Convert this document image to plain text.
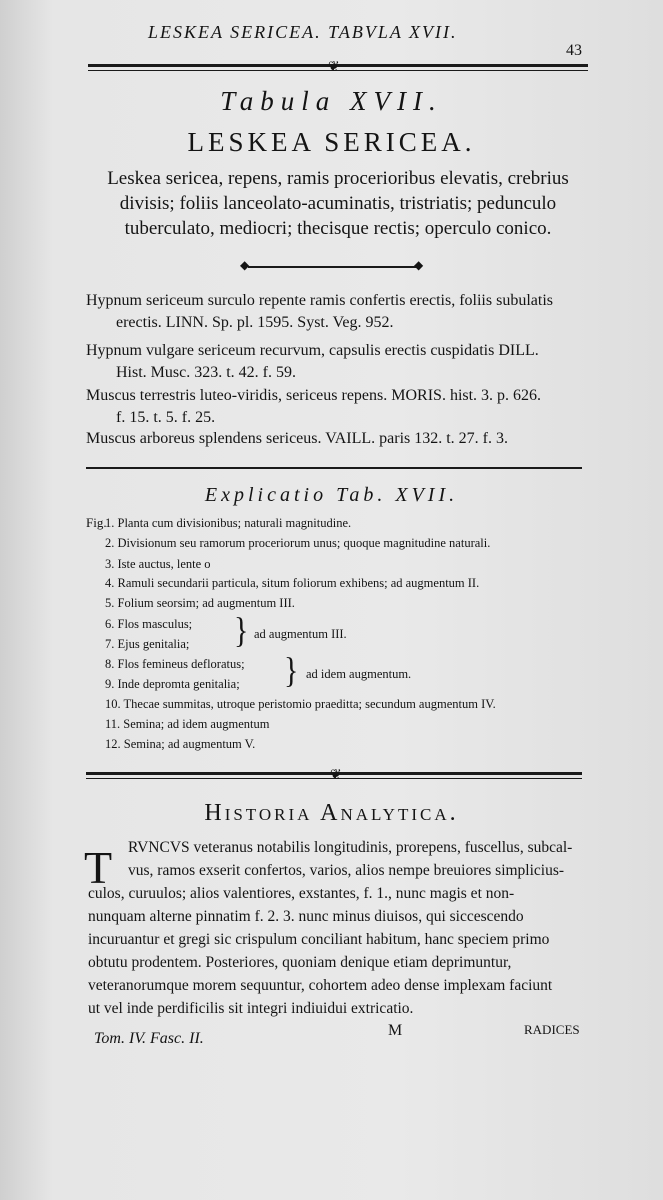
LESKEA SERICEA. TABVLA XVII.
43
❦
Tabula XVII.
LESKEA SERICEA.
Leskea sericea, repens, ramis procerioribus elevatis, crebrius
divisis; foliis lanceolato-acuminatis, tristriatis; pedunculo
tuberculato, mediocri; thecisque rectis; operculo conico.
◆	◆
Hypnum sericeum surculo repente ramis confertis erectis, foliis subulatis
erectis. LINN. Sp. pl. 1595. Syst. Veg. 952.
Hypnum vulgare sericeum recurvum, capsulis erectis cuspidatis DILL.
Hist. Musc. 323. t. 42. f. 59.
Muscus terrestris luteo-viridis, sericeus repens. MORIS. hist. 3. p. 626.
f. 15. t. 5. f. 25.
Muscus arboreus splendens sericeus. VAILL. paris 132. t. 27. f. 3.
Explicatio Tab. XVII.
Fig.
1. Planta cum divisionibus; naturali magnitudine.
2. Divisionum seu ramorum proceriorum unus; quoque magnitudine naturali.
3. Iste auctus, lente o
4. Ramuli secundarii particula, situm foliorum exhibens; ad augmentum II.
5. Folium seorsim; ad augmentum III.
6. Flos masculus;
7. Ejus genitalia; } ad augmentum III.
8. Flos femineus defloratus;
9. Inde depromta genitalia; } ad idem augmentum.
10. Thecae summitas, utroque peristomio praeditta; secundum augmentum IV.
11. Semina; ad idem augmentum
12. Semina; ad augmentum V.
❦
Historia Analytica.
T RVNCVS veteranus notabilis longitudinis, prorepens, fuscellus, subcal-
vus, ramos exserit confertos, varios, alios nempe breuiores simplicius-
culos, curuulos; alios valentiores, exstantes, f. 1., nunc magis et non-
nunquam alterne pinnatim f. 2. 3. nunc minus diuisos, qui siccescendo
incuruantur et gregi sic crispulum conciliant habitum, hanc speciem primo
obtutu prodentem. Posteriores, quoniam denique etiam deprimuntur,
veteranorumque morem sequuntur, cohortem adeo dense implexam faciunt
ut vel inde perdificilis sit integri indiuidui extricatio.
Tom. IV. Fasc. II.	M	RADICES
